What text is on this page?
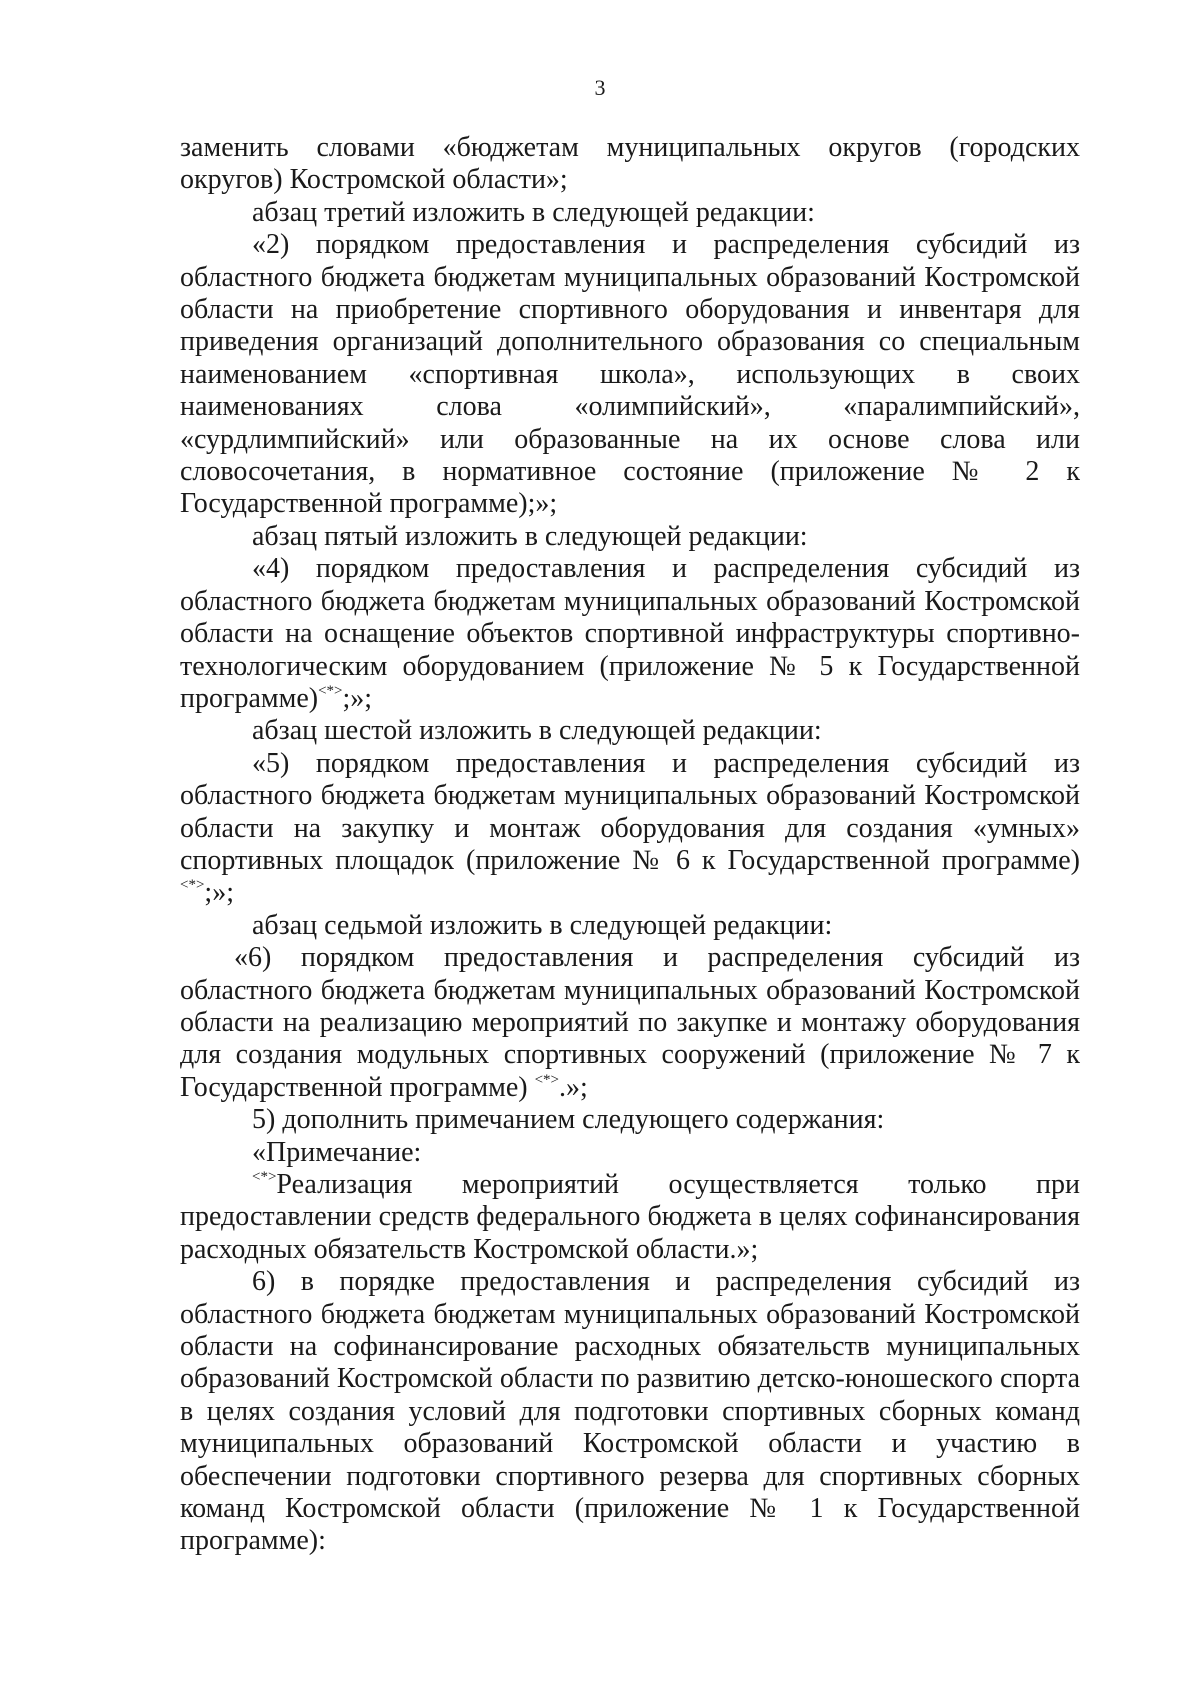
3

заменить словами «бюджетам муниципальных округов (городских округов) Костромской области»;

абзац третий изложить в следующей редакции:

«2) порядком предоставления и распределения субсидий из областного бюджета бюджетам муниципальных образований Костромской области на приобретение спортивного оборудования и инвентаря для приведения организаций дополнительного образования со специальным наименованием «спортивная школа», использующих в своих наименованиях слова «олимпийский», «паралимпийский», «сурдлимпийский» или образованные на их основе слова или словосочетания, в нормативное состояние (приложение № 2 к Государственной программе);»;

абзац пятый изложить в следующей редакции:

«4) порядком предоставления и распределения субсидий из областного бюджета бюджетам муниципальных образований Костромской области на оснащение объектов спортивной инфраструктуры спортивно-технологическим оборудованием (приложение № 5 к Государственной программе)<*>;»;

абзац шестой изложить в следующей редакции:

«5) порядком предоставления и распределения субсидий из областного бюджета бюджетам муниципальных образований Костромской области на закупку и монтаж оборудования для создания «умных» спортивных площадок (приложение № 6 к Государственной программе)<*>;»;

абзац седьмой изложить в следующей редакции:

«6) порядком предоставления и распределения субсидий из областного бюджета бюджетам муниципальных образований Костромской области на реализацию мероприятий по закупке и монтажу оборудования для создания модульных спортивных сооружений (приложение № 7 к Государственной программе) <*>.»;

5) дополнить примечанием следующего содержания:

«Примечание:

<*>Реализация мероприятий осуществляется только при предоставлении средств федерального бюджета в целях софинансирования расходных обязательств Костромской области.»;

6) в порядке предоставления и распределения субсидий из областного бюджета бюджетам муниципальных образований Костромской области на софинансирование расходных обязательств муниципальных образований Костромской области по развитию детско-юношеского спорта в целях создания условий для подготовки спортивных сборных команд муниципальных образований Костромской области и участию в обеспечении подготовки спортивного резерва для спортивных сборных команд Костромской области (приложение № 1 к Государственной программе):
